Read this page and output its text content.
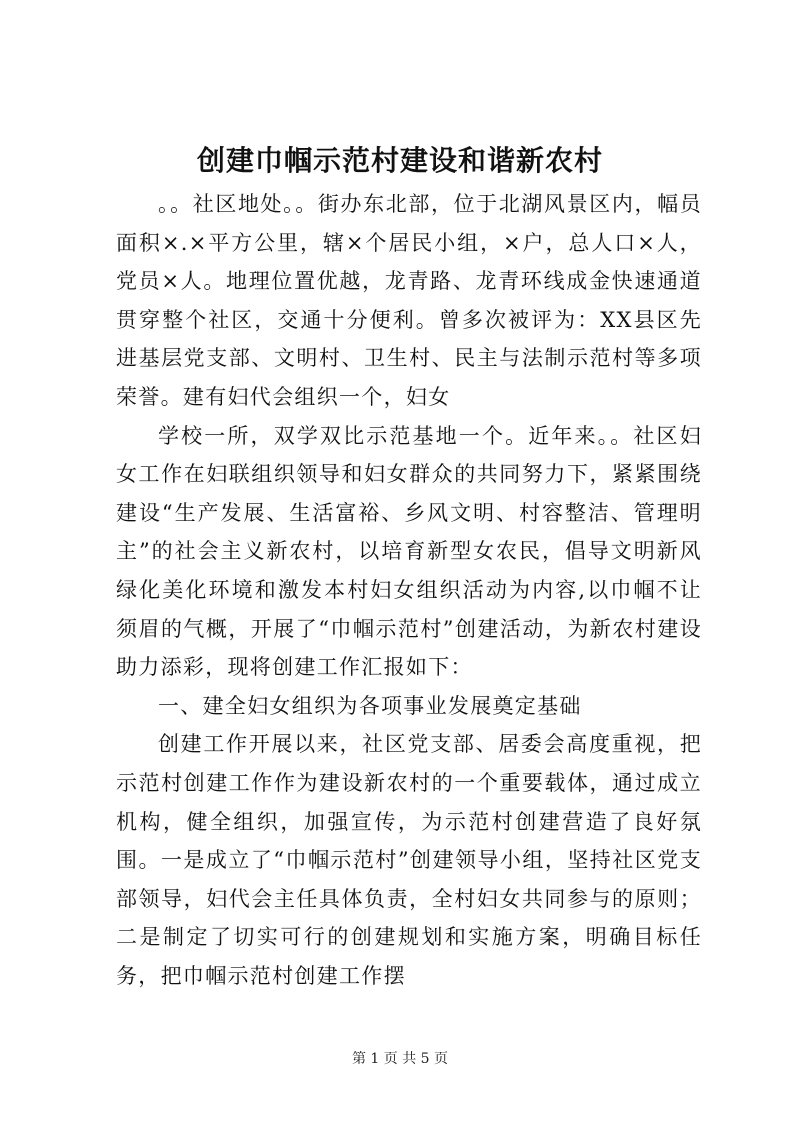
创建巾帼示范村建设和谐新农村

。。社区地处。。街办东北部，位于北湖风景区内，幅员面积×.×平方公里，辖×个居民小组，×户，总人口×人，党员×人。地理位置优越，龙青路、龙青环线成金快速通道贯穿整个社区，交通十分便利。曾多次被评为：XX县区先进基层党支部、文明村、卫生村、民主与法制示范村等多项荣誉。建有妇代会组织一个，妇女

学校一所，双学双比示范基地一个。近年来。。社区妇女工作在妇联组织领导和妇女群众的共同努力下，紧紧围绕建设“生产发展、生活富裕、乡风文明、村容整洁、管理明主”的社会主义新农村，以培育新型女农民，倡导文明新风绿化美化环境和激发本村妇女组织活动为内容,以巾帼不让须眉的气概，开展了“巾帼示范村”创建活动，为新农村建设助力添彩，现将创建工作汇报如下：

一、建全妇女组织为各项事业发展奠定基础

创建工作开展以来，社区党支部、居委会高度重视，把示范村创建工作作为建设新农村的一个重要载体，通过成立机构，健全组织，加强宣传，为示范村创建营造了良好氛围。一是成立了“巾帼示范村”创建领导小组，坚持社区党支部领导，妇代会主任具体负责，全村妇女共同参与的原则；二是制定了切实可行的创建规划和实施方案，明确目标任务，把巾帼示范村创建工作摆

第 1 页 共 5 页
